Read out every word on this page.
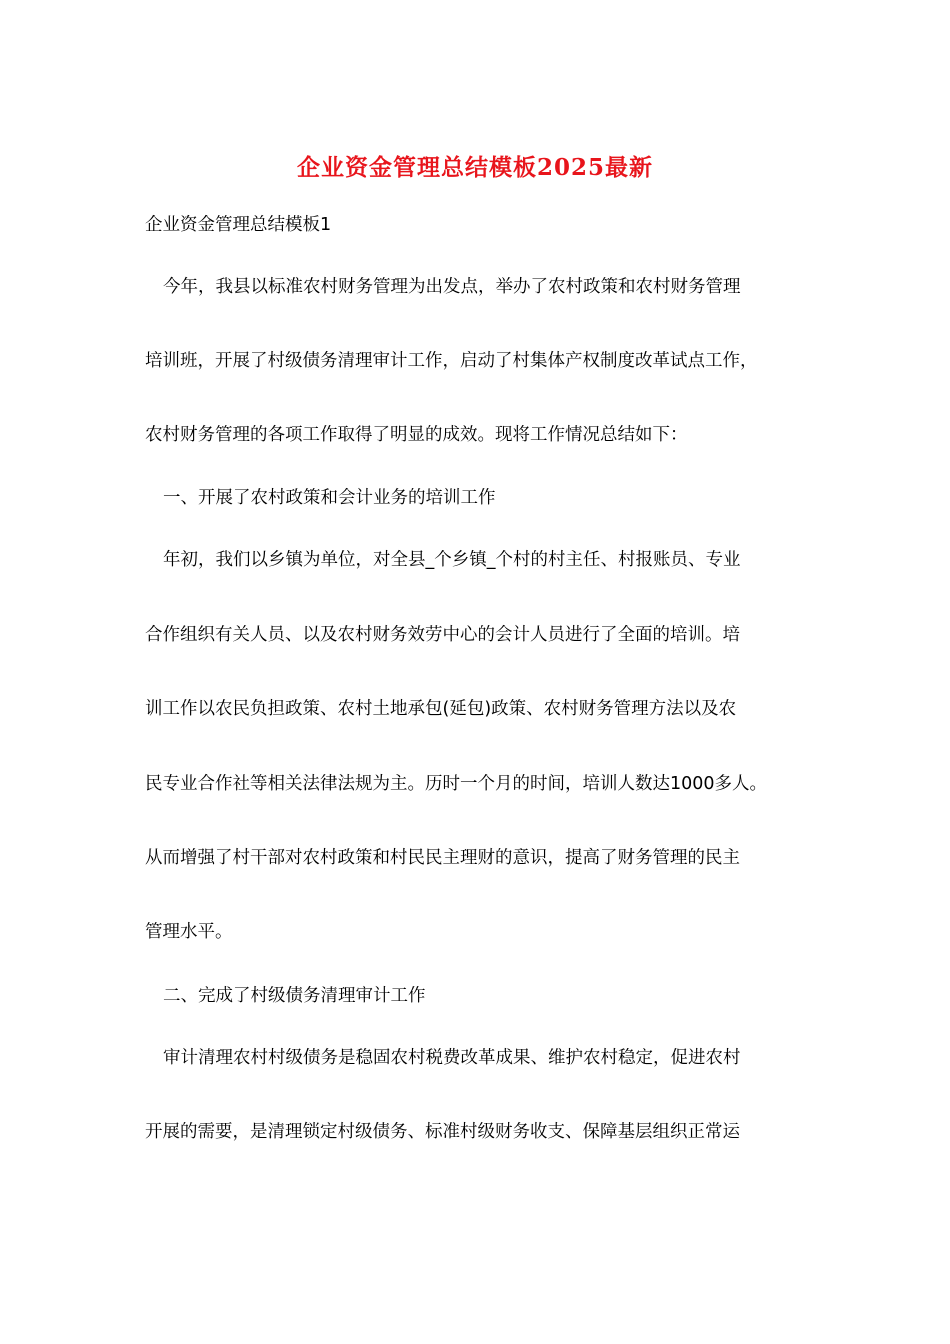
企业资金管理总结模板2025最新
企业资金管理总结模板1
今年，我县以标准农村财务管理为出发点，举办了农村政策和农村财务管理
培训班，开展了村级债务清理审计工作，启动了村集体产权制度改革试点工作，
农村财务管理的各项工作取得了明显的成效。现将工作情况总结如下：
一、开展了农村政策和会计业务的培训工作
年初，我们以乡镇为单位，对全县_个乡镇_个村的村主任、村报账员、专业
合作组织有关人员、以及农村财务效劳中心的会计人员进行了全面的培训。培
训工作以农民负担政策、农村土地承包(延包)政策、农村财务管理方法以及农
民专业合作社等相关法律法规为主。历时一个月的时间，培训人数达1000多人。
从而增强了村干部对农村政策和村民民主理财的意识，提高了财务管理的民主
管理水平。
二、完成了村级债务清理审计工作
审计清理农村村级债务是稳固农村税费改革成果、维护农村稳定，促进农村
开展的需要，是清理锁定村级债务、标准村级财务收支、保障基层组织正常运
